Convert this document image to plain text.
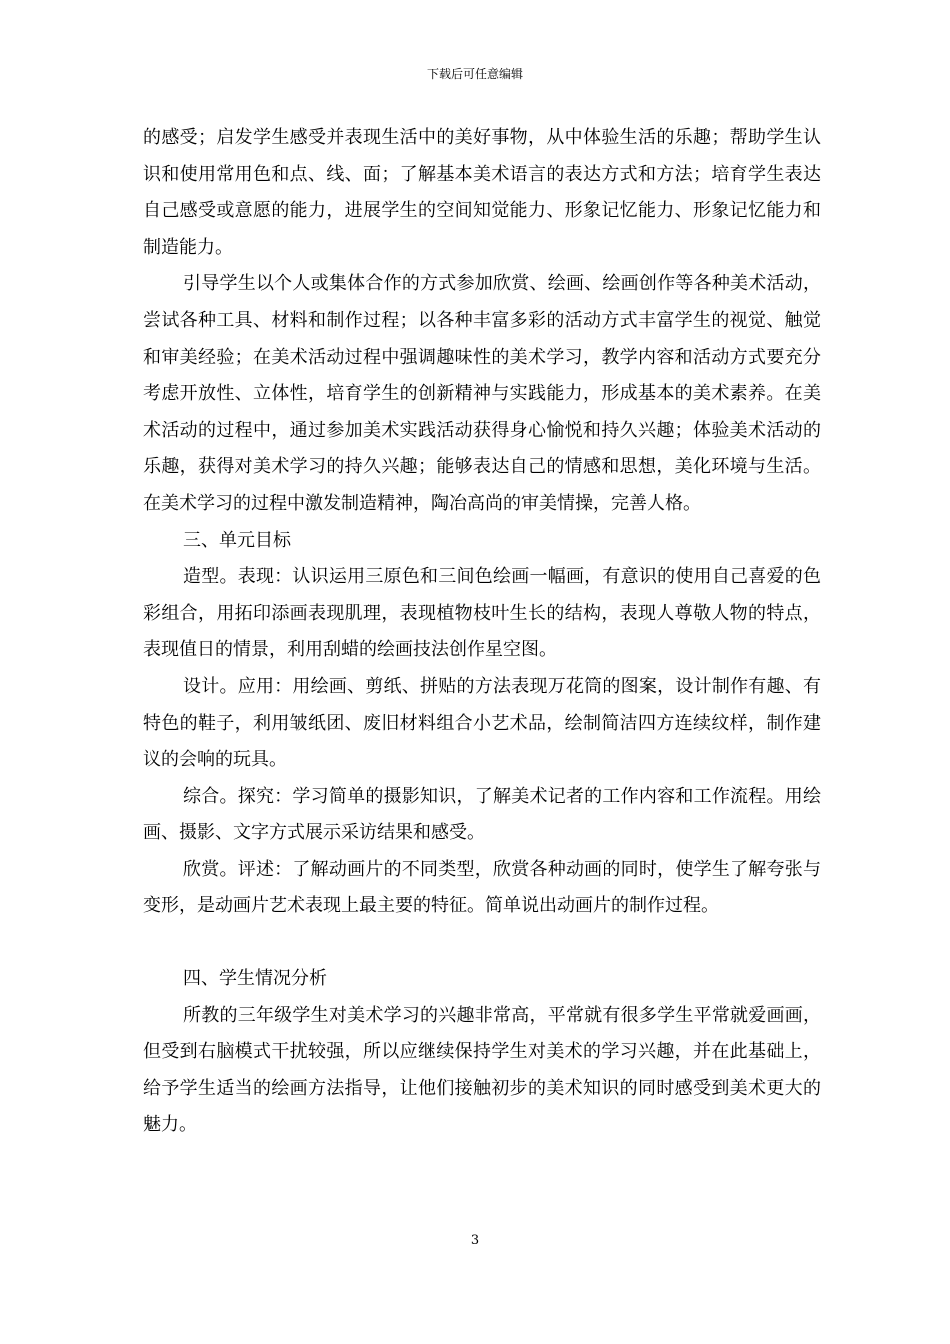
下载后可任意编辑

的感受；启发学生感受并表现生活中的美好事物，从中体验生活的乐趣；帮助学生认识和使用常用色和点、线、面；了解基本美术语言的表达方式和方法；培育学生表达自己感受或意愿的能力，进展学生的空间知觉能力、形象记忆能力、形象记忆能力和制造能力。

引导学生以个人或集体合作的方式参加欣赏、绘画、绘画创作等各种美术活动，尝试各种工具、材料和制作过程；以各种丰富多彩的活动方式丰富学生的视觉、触觉和审美经验；在美术活动过程中强调趣味性的美术学习，教学内容和活动方式要充分考虑开放性、立体性，培育学生的创新精神与实践能力，形成基本的美术素养。在美术活动的过程中，通过参加美术实践活动获得身心愉悦和持久兴趣；体验美术活动的乐趣，获得对美术学习的持久兴趣；能够表达自己的情感和思想，美化环境与生活。在美术学习的过程中激发制造精神，陶冶高尚的审美情操，完善人格。

三、单元目标

造型。表现：认识运用三原色和三间色绘画一幅画，有意识的使用自己喜爱的色彩组合，用拓印添画表现肌理，表现植物枝叶生长的结构，表现人尊敬人物的特点，表现值日的情景，利用刮蜡的绘画技法创作星空图。

设计。应用：用绘画、剪纸、拼贴的方法表现万花筒的图案，设计制作有趣、有特色的鞋子，利用皱纸团、废旧材料组合小艺术品，绘制简洁四方连续纹样，制作建议的会响的玩具。

综合。探究：学习简单的摄影知识，了解美术记者的工作内容和工作流程。用绘画、摄影、文字方式展示采访结果和感受。

欣赏。评述：了解动画片的不同类型，欣赏各种动画的同时，使学生了解夸张与变形，是动画片艺术表现上最主要的特征。简单说出动画片的制作过程。

四、学生情况分析

所教的三年级学生对美术学习的兴趣非常高，平常就有很多学生平常就爱画画，但受到右脑模式干扰较强，所以应继续保持学生对美术的学习兴趣，并在此基础上，给予学生适当的绘画方法指导，让他们接触初步的美术知识的同时感受到美术更大的魅力。

3
